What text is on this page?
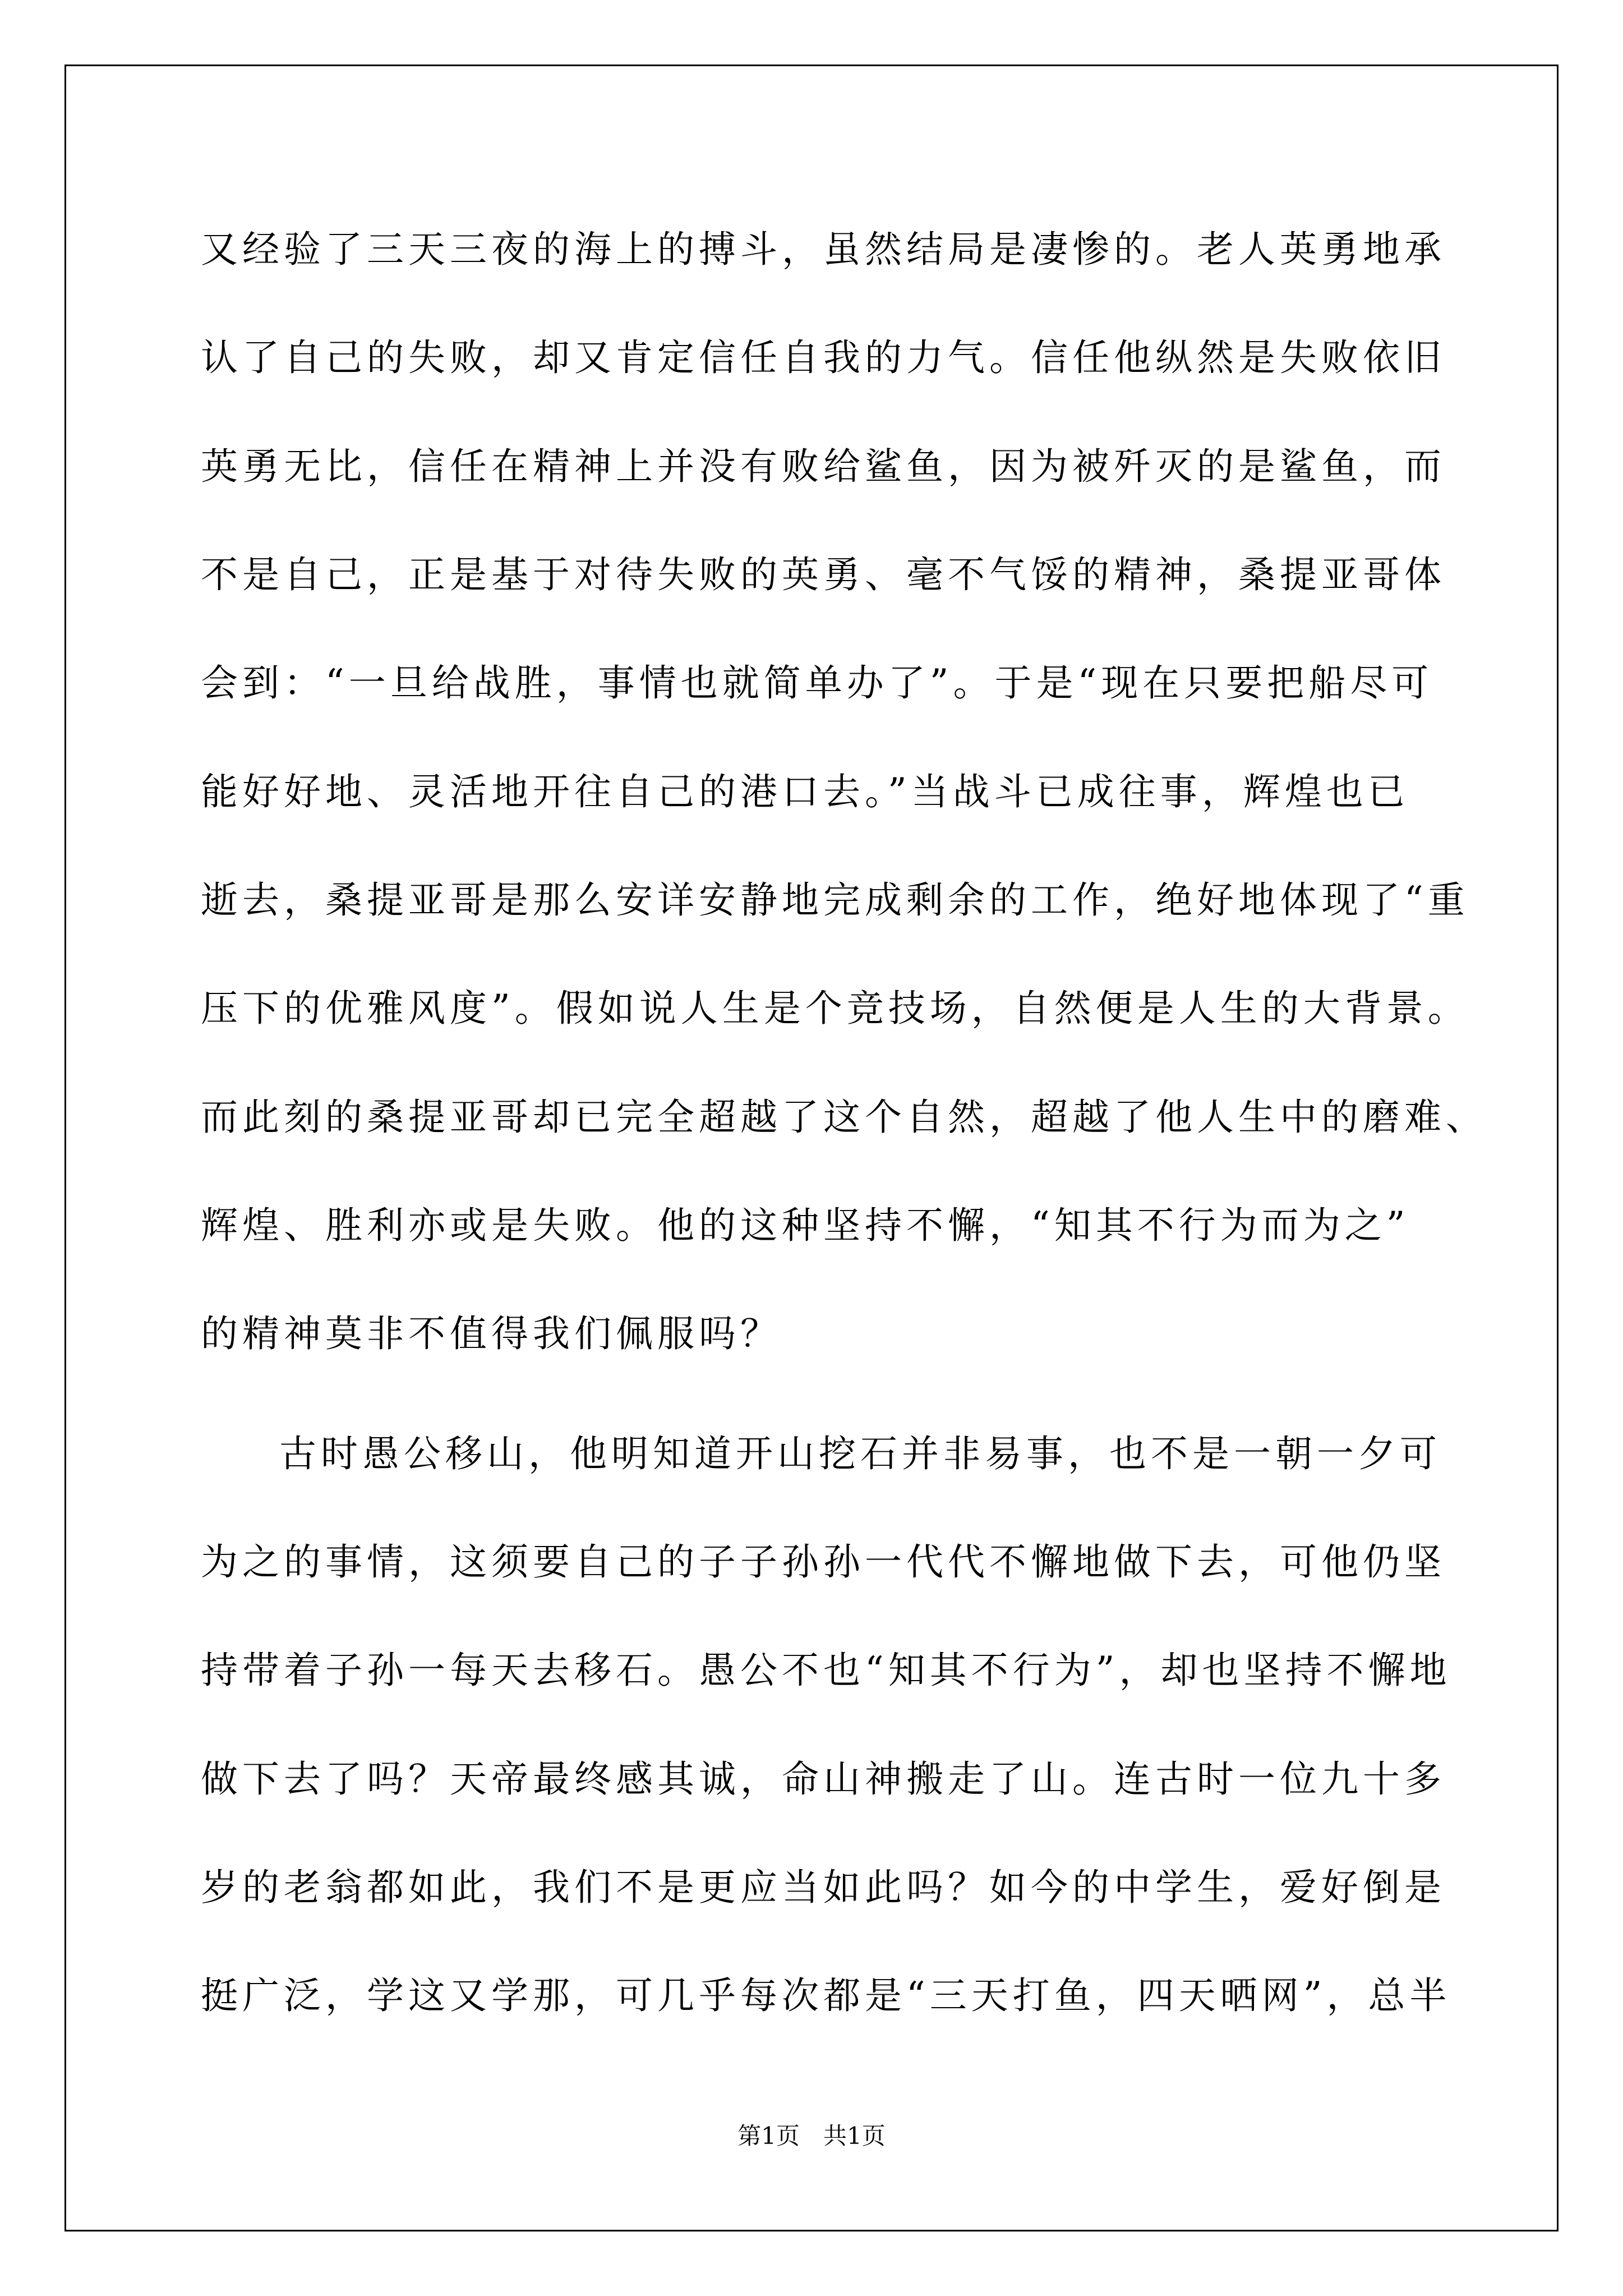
又经验了三天三夜的海上的搏斗，虽然结局是凄惨的。老人英勇地承
认了自己的失败，却又肯定信任自我的力气。信任他纵然是失败依旧
英勇无比，信任在精神上并没有败给鲨鱼，因为被歼灭的是鲨鱼，而
不是自己，正是基于对待失败的英勇、毫不气馁的精神，桑提亚哥体
会到：“一旦给战胜，事情也就简单办了”。于是“现在只要把船尽可
能好好地、灵活地开往自己的港口去。”当战斗已成往事，辉煌也已
逝去，桑提亚哥是那么安详安静地完成剩余的工作，绝好地体现了“重
压下的优雅风度”。假如说人生是个竞技场，自然便是人生的大背景。
而此刻的桑提亚哥却已完全超越了这个自然，超越了他人生中的磨难、
辉煌、胜利亦或是失败。他的这种坚持不懈，“知其不行为而为之”
的精神莫非不值得我们佩服吗？
古时愚公移山，他明知道开山挖石并非易事，也不是一朝一夕可
为之的事情，这须要自己的子子孙孙一代代不懈地做下去，可他仍坚
持带着子孙一每天去移石。愚公不也“知其不行为”，却也坚持不懈地
做下去了吗？天帝最终感其诚，命山神搬走了山。连古时一位九十多
岁的老翁都如此，我们不是更应当如此吗？如今的中学生，爱好倒是
挺广泛，学这又学那，可几乎每次都是“三天打鱼，四天晒网”，总半
第1页　共1页
